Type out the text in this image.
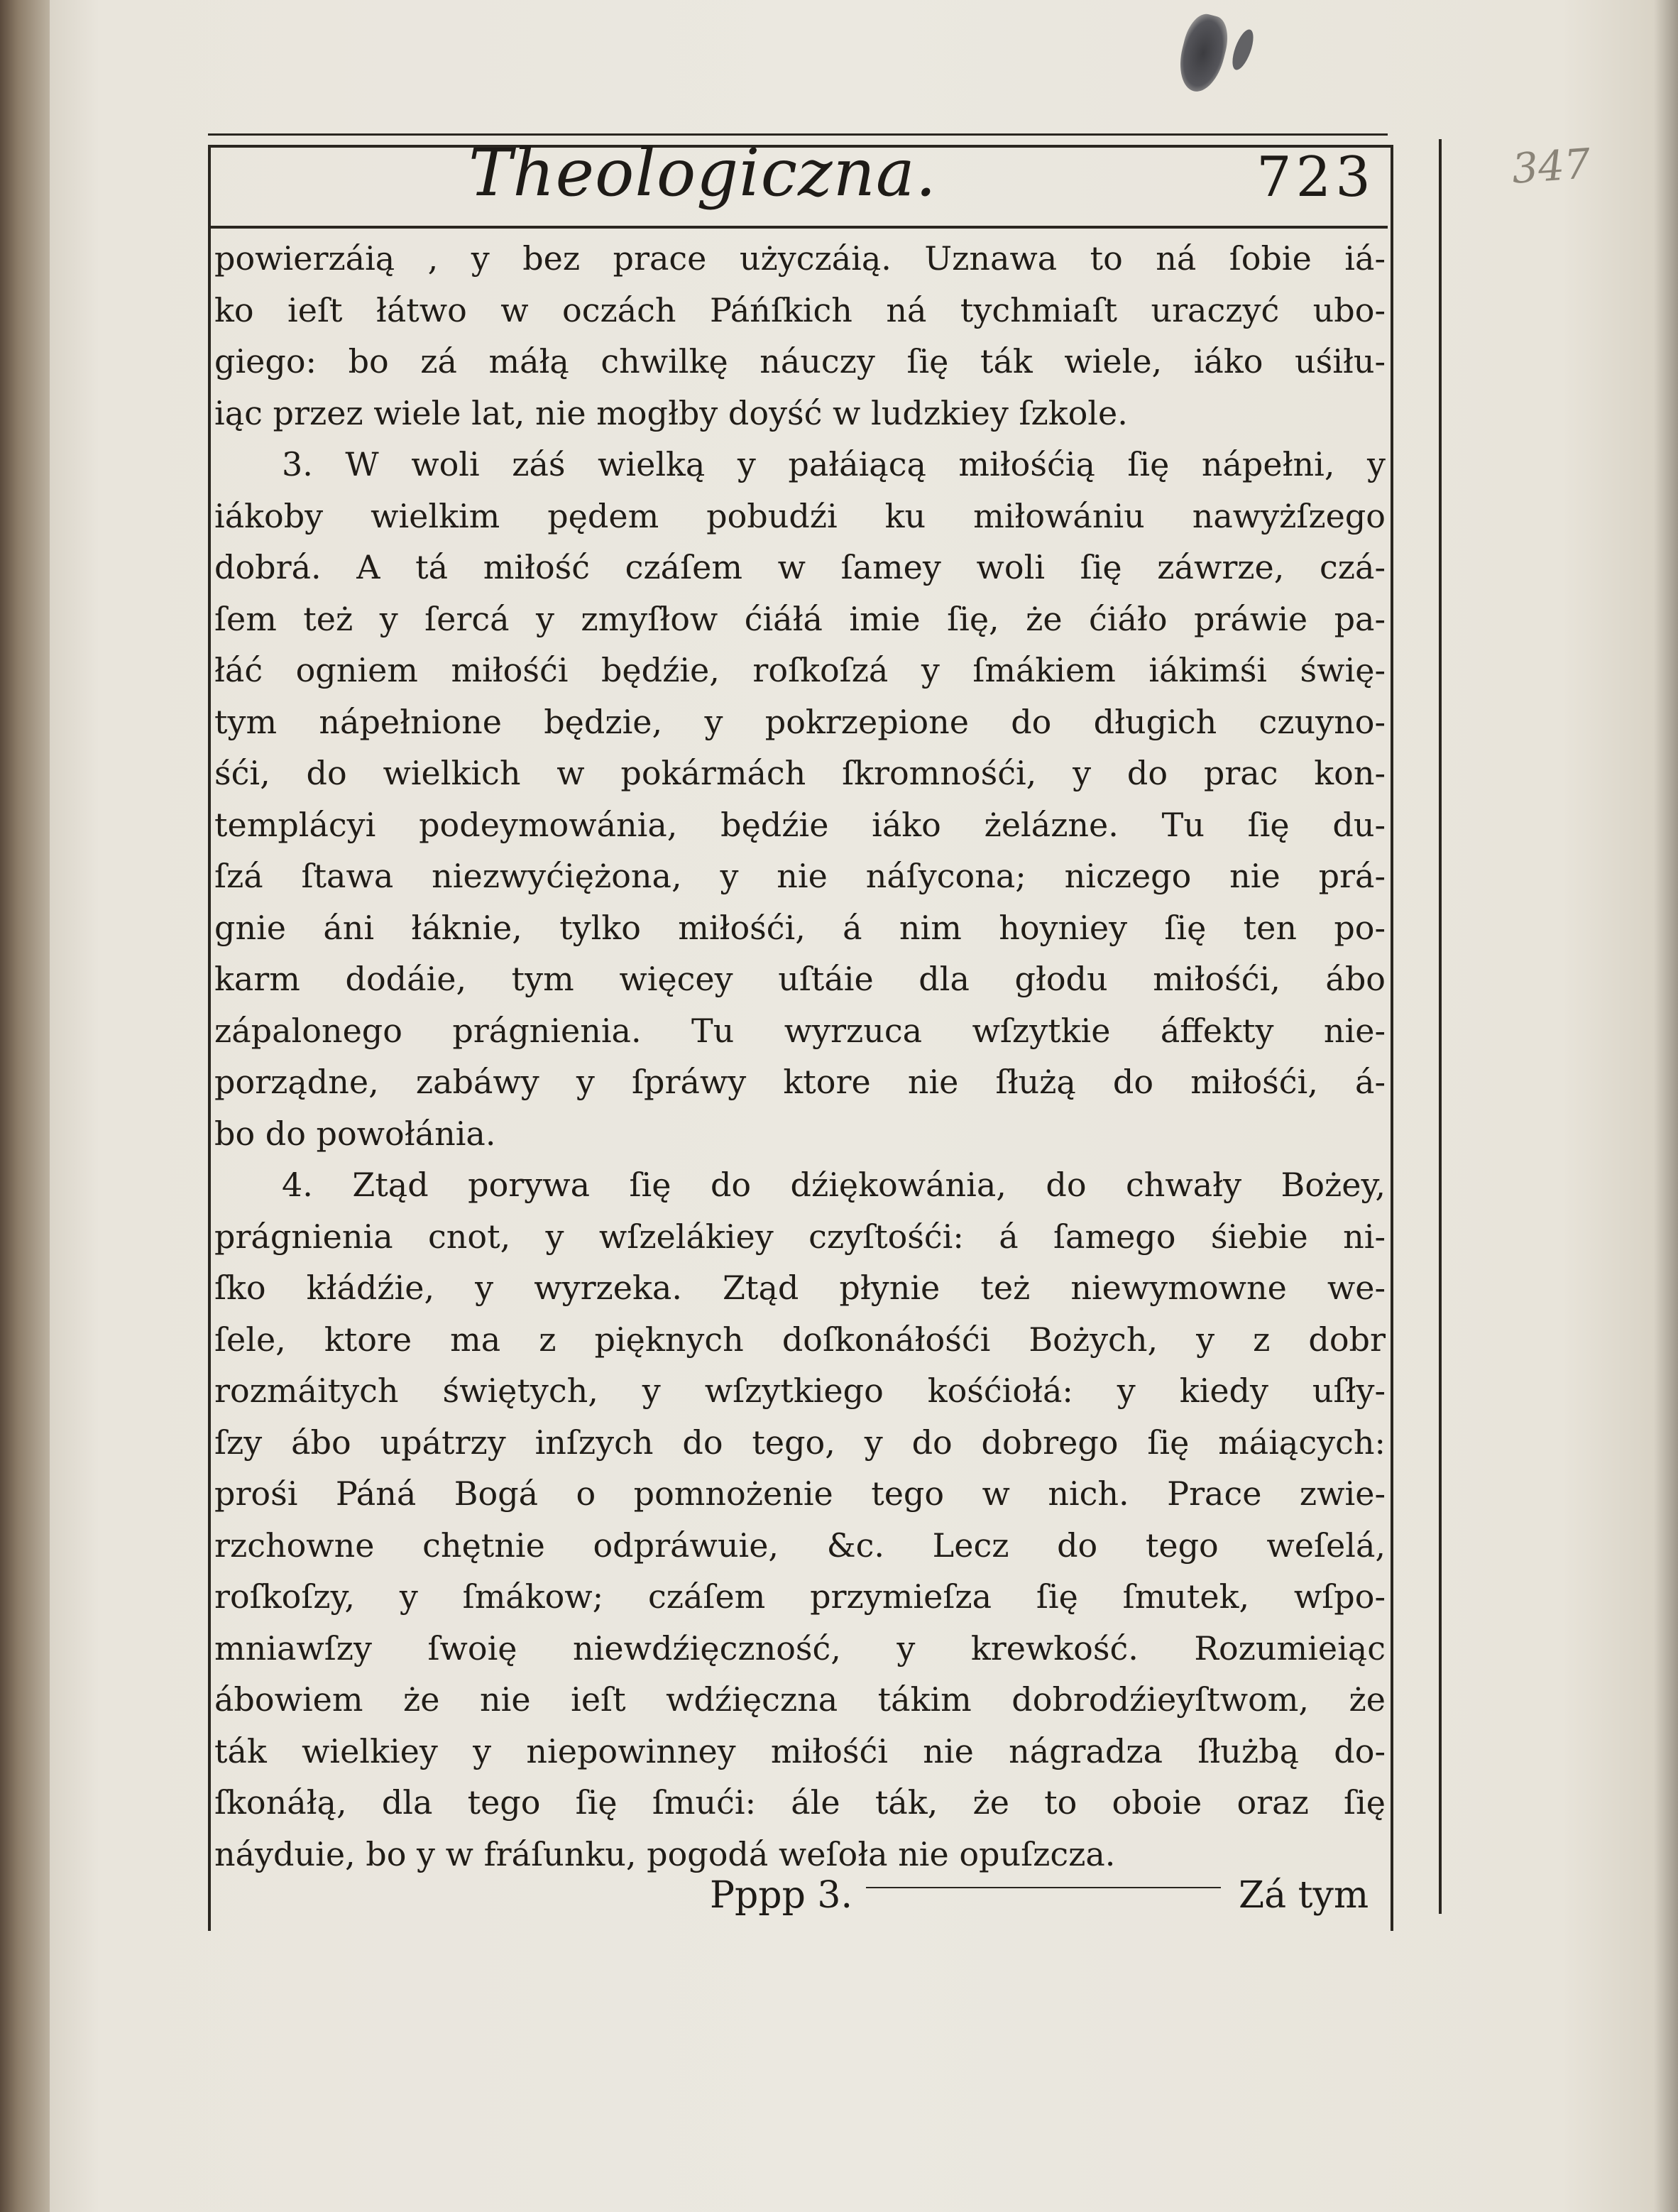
347
Theologiczna.	723
powierzáią , y bez prace użyczáią. Uznawa to ná ſobie iá-
ko ieſt łátwo w oczách Páńſkich ná tychmiaſt uraczyć ubo-
giego: bo zá máłą chwilkę náuczy ſię ták wiele, iáko uśiłu-
iąc przez wiele lat, nie mogłby doyść w ludzkiey ſzkole.
3. W woli záś wielką y pałáiącą miłośćią ſię nápełni, y
iákoby wielkim pędem pobudźi ku miłowániu nawyżſzego
dobrá. A tá miłość czáſem w ſamey woli ſię záwrze, czá-
ſem też y ſercá y zmyſłow ćiáłá imie ſię, że ćiáło práwie pa-
łáć ogniem miłośći będźie, roſkoſzá y ſmákiem iákimśi świę-
tym nápełnione będzie, y pokrzepione do długich czuyno-
śći, do wielkich w pokármách ſkromnośći, y do prac kon-
templácyi podeymowánia, będźie iáko żelázne. Tu ſię du-
ſzá ſtawa niezwyćiężona, y nie náſycona; niczego nie prá-
gnie áni łáknie, tylko miłośći, á nim hoyniey ſię ten po-
karm dodáie, tym więcey uſtáie dla głodu miłośći, ábo
zápalonego prágnienia. Tu wyrzuca wſzytkie áffekty nie-
porządne, zabáwy y ſpráwy ktore nie ſłużą do miłośći, á-
bo do powołánia.
4. Ztąd porywa ſię do dźiękowánia, do chwały Bożey,
prágnienia cnot, y wſzelákiey czyſtośći: á ſamego śiebie ni-
ſko kłádźie, y wyrzeka. Ztąd płynie też niewymowne we-
ſele, ktore ma z pięknych doſkonáłośći Bożych, y z dobr
rozmáitych świętych, y wſzytkiego kośćiołá: y kiedy uſły-
ſzy ábo upátrzy inſzych do tego, y do dobrego ſię máiących:
prośi Páná Bogá o pomnożenie tego w nich. Prace zwie-
rzchowne chętnie odpráwuie, &c. Lecz do tego weſelá,
roſkoſzy, y ſmákow; czáſem przymieſza ſię ſmutek, wſpo-
mniawſzy ſwoię niewdźięczność, y krewkość. Rozumieiąc
ábowiem że nie ieſt wdźięczna tákim dobrodźieyſtwom, że
ták wielkiey y niepowinney miłośći nie nágradza ſłużbą do-
ſkonáłą, dla tego ſię ſmući: ále ták, że to oboie oraz ſię
náyduie, bo y w fráſunku, pogodá weſoła nie opuſzcza.
Pppp 3.	Zá tym
